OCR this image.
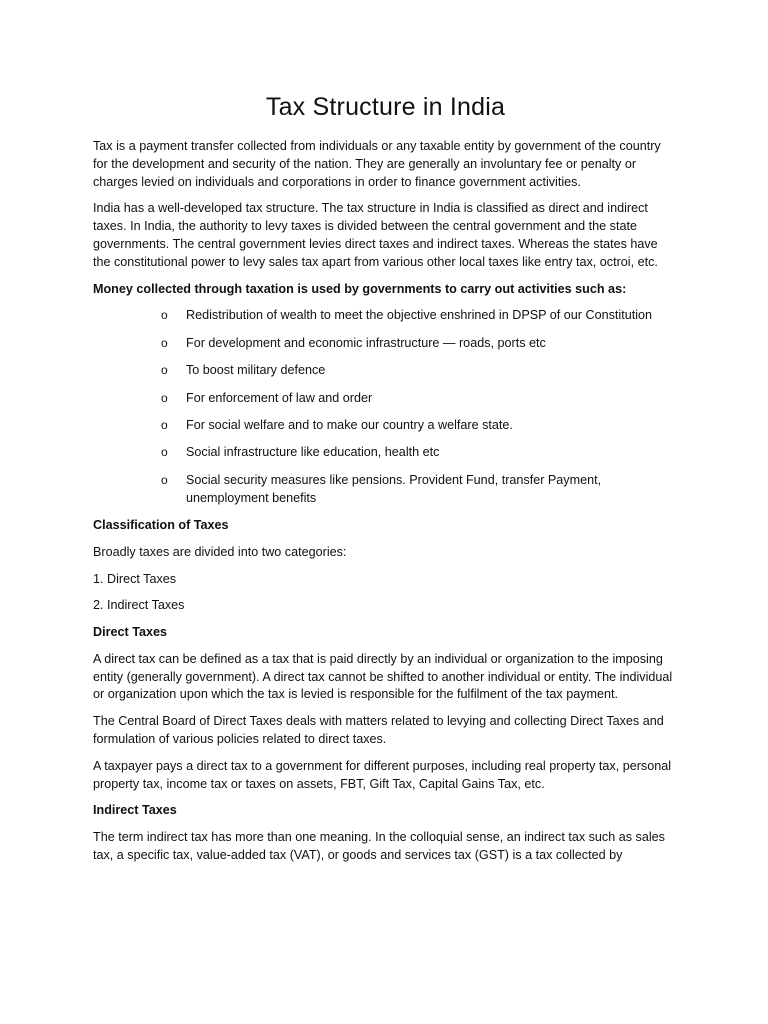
Tax Structure in India

Tax is a payment transfer collected from individuals or any taxable entity by government of the country for the development and security of the nation. They are generally an involuntary fee or penalty or charges levied on individuals and corporations in order to finance government activities.

India has a well-developed tax structure. The tax structure in India is classified as direct and indirect taxes. In India, the authority to levy taxes is divided between the central government and the state governments. The central government levies direct taxes and indirect taxes. Whereas the states have the constitutional power to levy sales tax apart from various other local taxes like entry tax, octroi, etc.

Money collected through taxation is used by governments to carry out activities such as:

o Redistribution of wealth to meet the objective enshrined in DPSP of our Constitution
o For development and economic infrastructure — roads, ports etc
o To boost military defence
o For enforcement of law and order
o For social welfare and to make our country a welfare state.
o Social infrastructure like education, health etc
o Social security measures like pensions. Provident Fund, transfer Payment, unemployment benefits

Classification of Taxes

Broadly taxes are divided into two categories:

1. Direct Taxes

2. Indirect Taxes

Direct Taxes

A direct tax can be defined as a tax that is paid directly by an individual or organization to the imposing entity (generally government). A direct tax cannot be shifted to another individual or entity. The individual or organization upon which the tax is levied is responsible for the fulfilment of the tax payment.

The Central Board of Direct Taxes deals with matters related to levying and collecting Direct Taxes and formulation of various policies related to direct taxes.

A taxpayer pays a direct tax to a government for different purposes, including real property tax, personal property tax, income tax or taxes on assets, FBT, Gift Tax, Capital Gains Tax, etc.

Indirect Taxes

The term indirect tax has more than one meaning. In the colloquial sense, an indirect tax such as sales tax, a specific tax, value-added tax (VAT), or goods and services tax (GST) is a tax collected by
